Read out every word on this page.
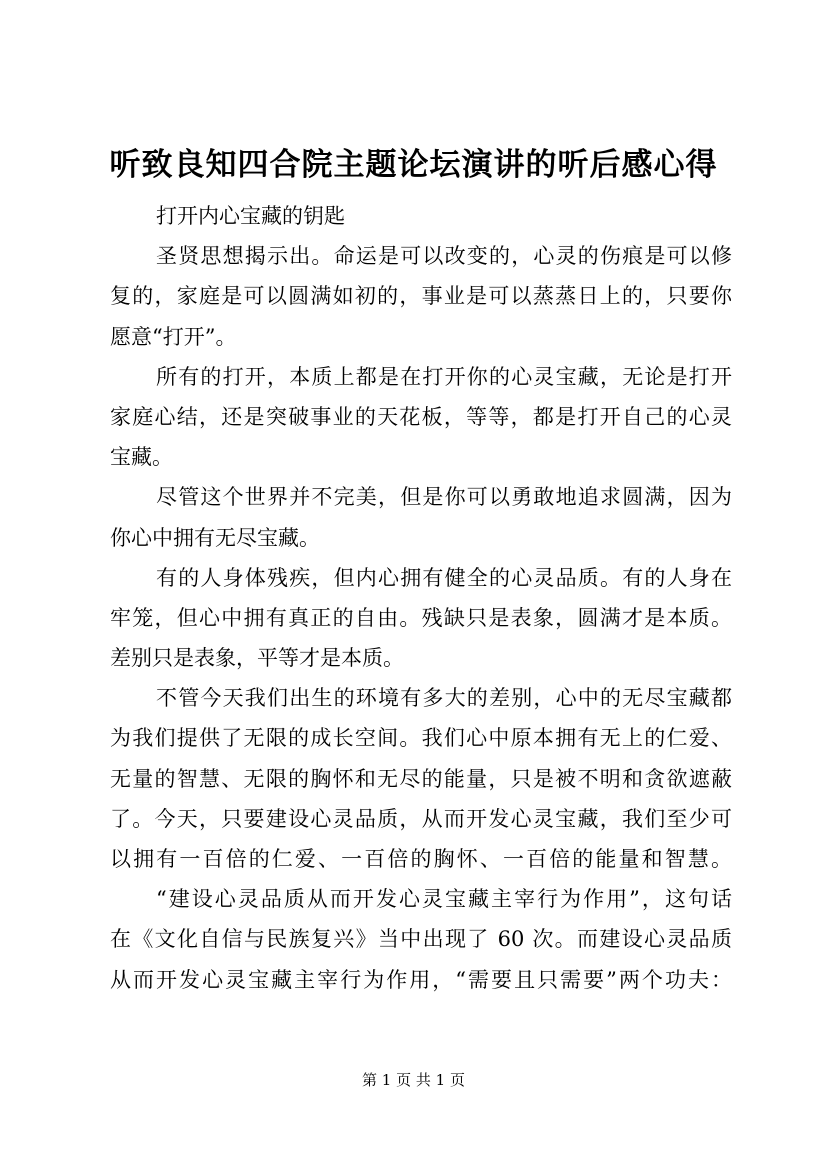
听致良知四合院主题论坛演讲的听后感心得
打开内心宝藏的钥匙
圣贤思想揭示出。命运是可以改变的，心灵的伤痕是可以修
复的，家庭是可以圆满如初的，事业是可以蒸蒸日上的，只要你
愿意“打开”。
所有的打开，本质上都是在打开你的心灵宝藏，无论是打开
家庭心结，还是突破事业的天花板，等等，都是打开自己的心灵
宝藏。
尽管这个世界并不完美，但是你可以勇敢地追求圆满，因为
你心中拥有无尽宝藏。
有的人身体残疾，但内心拥有健全的心灵品质。有的人身在
牢笼，但心中拥有真正的自由。残缺只是表象，圆满才是本质。
差别只是表象，平等才是本质。
不管今天我们出生的环境有多大的差别，心中的无尽宝藏都
为我们提供了无限的成长空间。我们心中原本拥有无上的仁爱、
无量的智慧、无限的胸怀和无尽的能量，只是被不明和贪欲遮蔽
了。今天，只要建设心灵品质，从而开发心灵宝藏，我们至少可
以拥有一百倍的仁爱、一百倍的胸怀、一百倍的能量和智慧。
“建设心灵品质从而开发心灵宝藏主宰行为作用”，这句话
在《文化自信与民族复兴》当中出现了 60 次。而建设心灵品质
从而开发心灵宝藏主宰行为作用，“需要且只需要”两个功夫：
第 1 页 共 1 页
